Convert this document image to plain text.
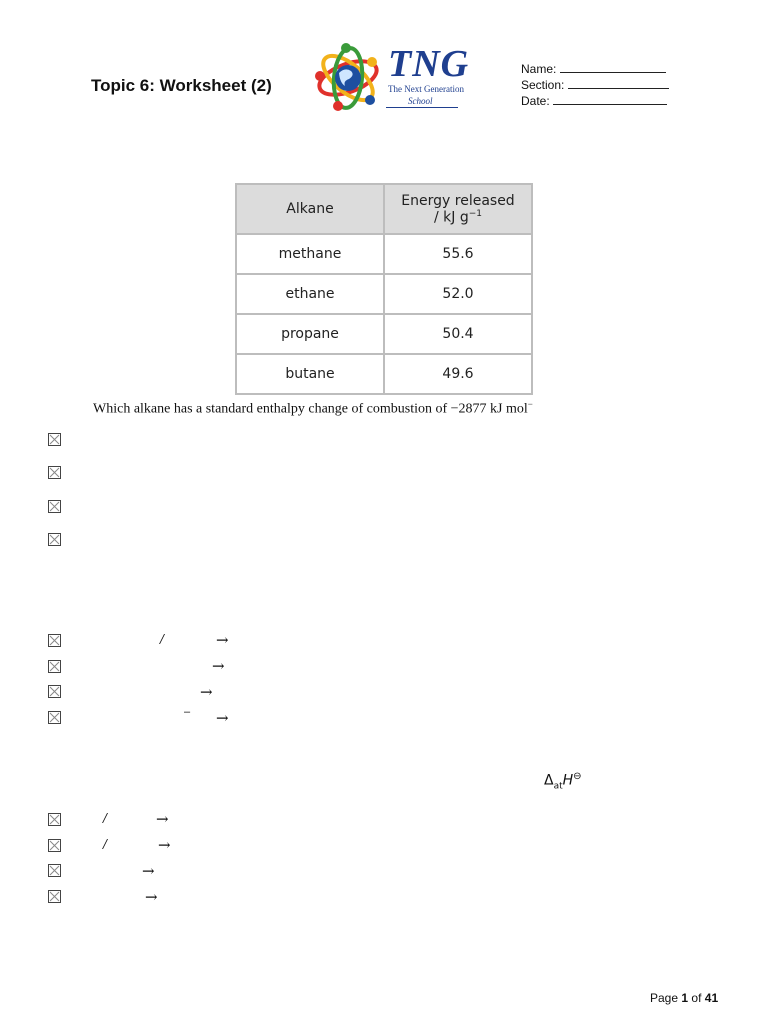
Topic 6: Worksheet (2)
TNG
The Next Generation
School
Name:
Section:
Date:
Alkane	Energy released
/ kJ $g^{-1}$
methane	55.6
ethane	52.0
propane	50.4
butane	49.6
Which alkane has a standard enthalpy change of combustion of −2877 kJ mol−
/	→
→
→
– →
$\Delta_{at}H^⊖$
/	→
/	→
→
→
Page 1 of 41
